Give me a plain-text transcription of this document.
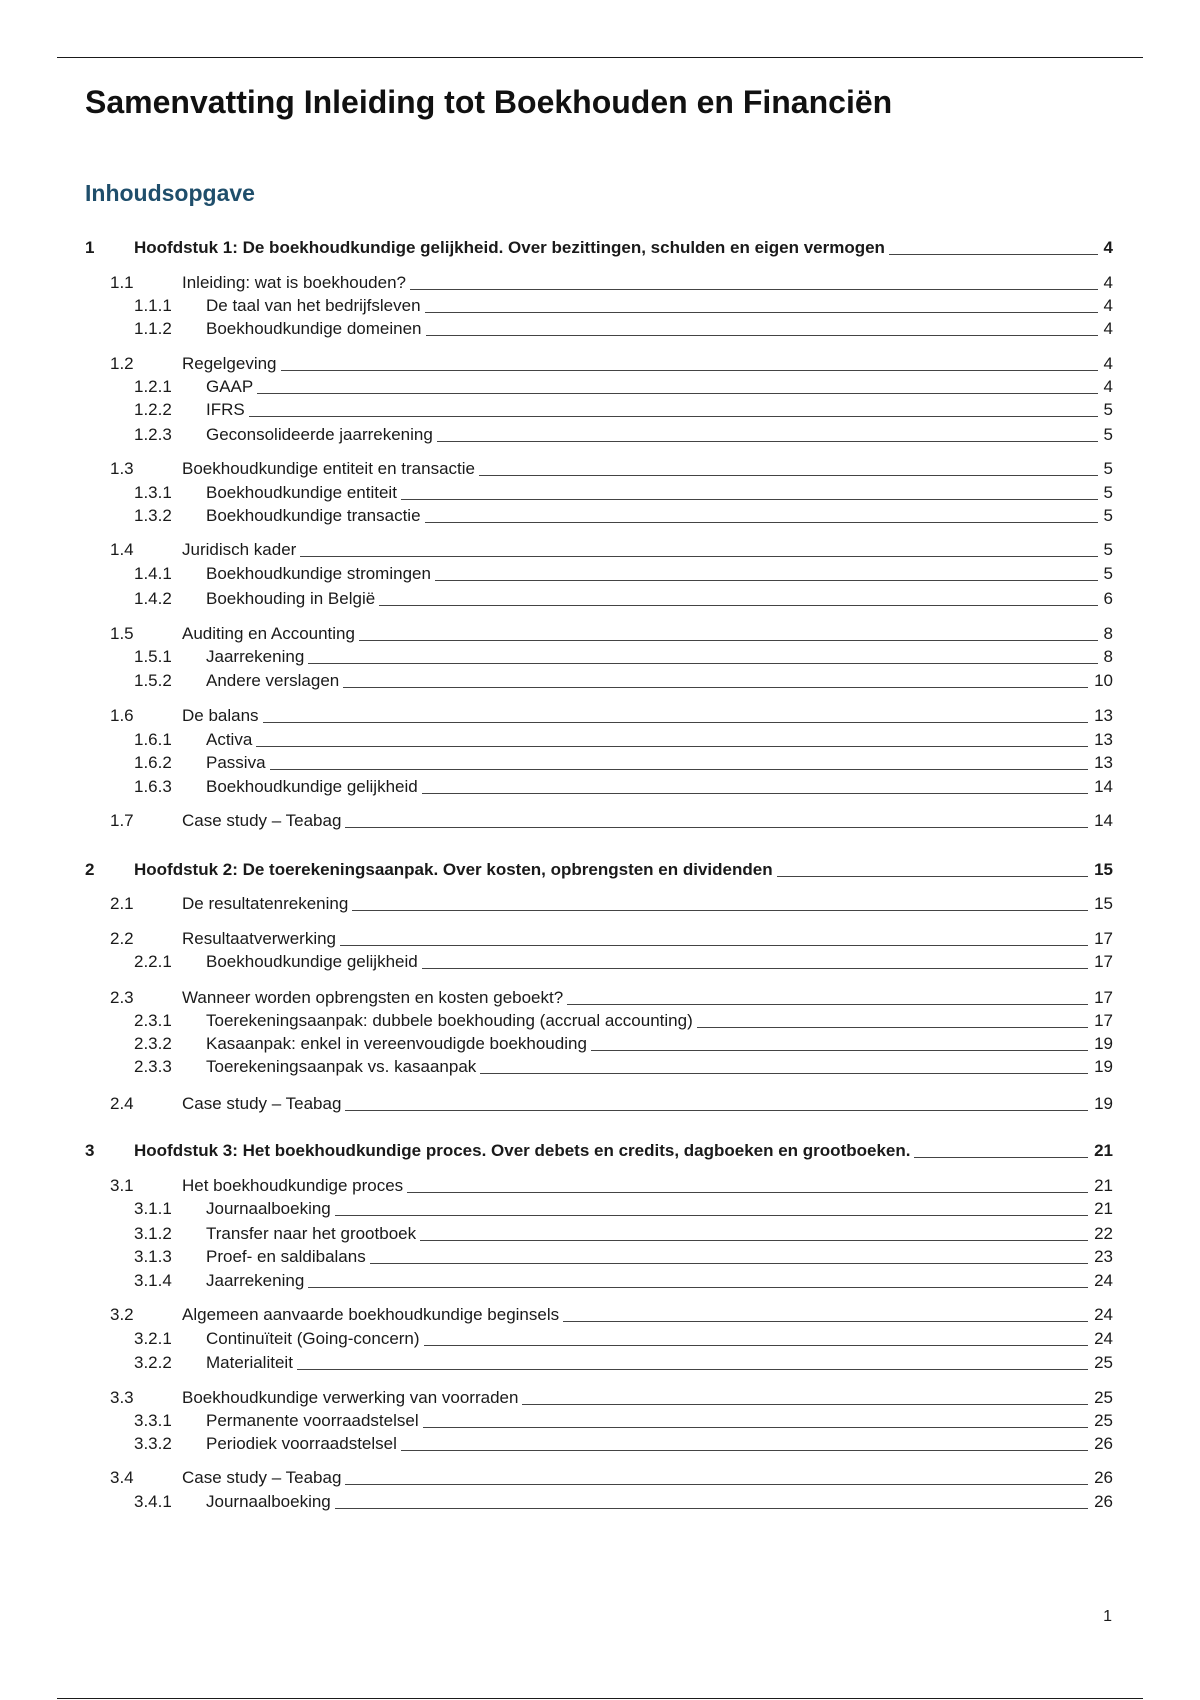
Samenvatting Inleiding tot Boekhouden en Financiën
Inhoudsopgave
1 Hoofdstuk 1: De boekhoudkundige gelijkheid. Over bezittingen, schulden en eigen vermogen	4
1.1	Inleiding: wat is boekhouden?	4
1.1.1 De taal van het bedrijfsleven	4
1.1.2 Boekhoudkundige domeinen	4
1.2	Regelgeving	4
1.2.1 GAAP	4
1.2.2 IFRS	5
1.2.3 Geconsolideerde jaarrekening	5
1.3	Boekhoudkundige entiteit en transactie	5
1.3.1 Boekhoudkundige entiteit	5
1.3.2 Boekhoudkundige transactie	5
1.4	Juridisch kader	5
1.4.1 Boekhoudkundige stromingen	5
1.4.2 Boekhouding in België	6
1.5	Auditing en Accounting	8
1.5.1 Jaarrekening	8
1.5.2 Andere verslagen	10
1.6	De balans	13
1.6.1 Activa	13
1.6.2 Passiva	13
1.6.3 Boekhoudkundige gelijkheid	14
1.7	Case study – Teabag	14
2 Hoofdstuk 2: De toerekeningsaanpak. Over kosten, opbrengsten en dividenden	15
2.1	De resultatenrekening	15
2.2	Resultaatverwerking	17
2.2.1 Boekhoudkundige gelijkheid	17
2.3	Wanneer worden opbrengsten en kosten geboekt?	17
2.3.1 Toerekeningsaanpak: dubbele boekhouding (accrual accounting)	17
2.3.2 Kasaanpak: enkel in vereenvoudigde boekhouding	19
2.3.3 Toerekeningsaanpak vs. kasaanpak	19
2.4	Case study – Teabag	19
3 Hoofdstuk 3: Het boekhoudkundige proces. Over debets en credits, dagboeken en grootboeken.	21
3.1	Het boekhoudkundige proces	21
3.1.1 Journaalboeking	21
3.1.2 Transfer naar het grootboek	22
3.1.3 Proef- en saldibalans	23
3.1.4 Jaarrekening	24
3.2	Algemeen aanvaarde boekhoudkundige beginsels	24
3.2.1 Continuïteit (Going-concern)	24
3.2.2 Materialiteit	25
3.3	Boekhoudkundige verwerking van voorraden	25
3.3.1 Permanente voorraadstelsel	25
3.3.2 Periodiek voorraadstelsel	26
3.4	Case study – Teabag	26
3.4.1 Journaalboeking	26

1
